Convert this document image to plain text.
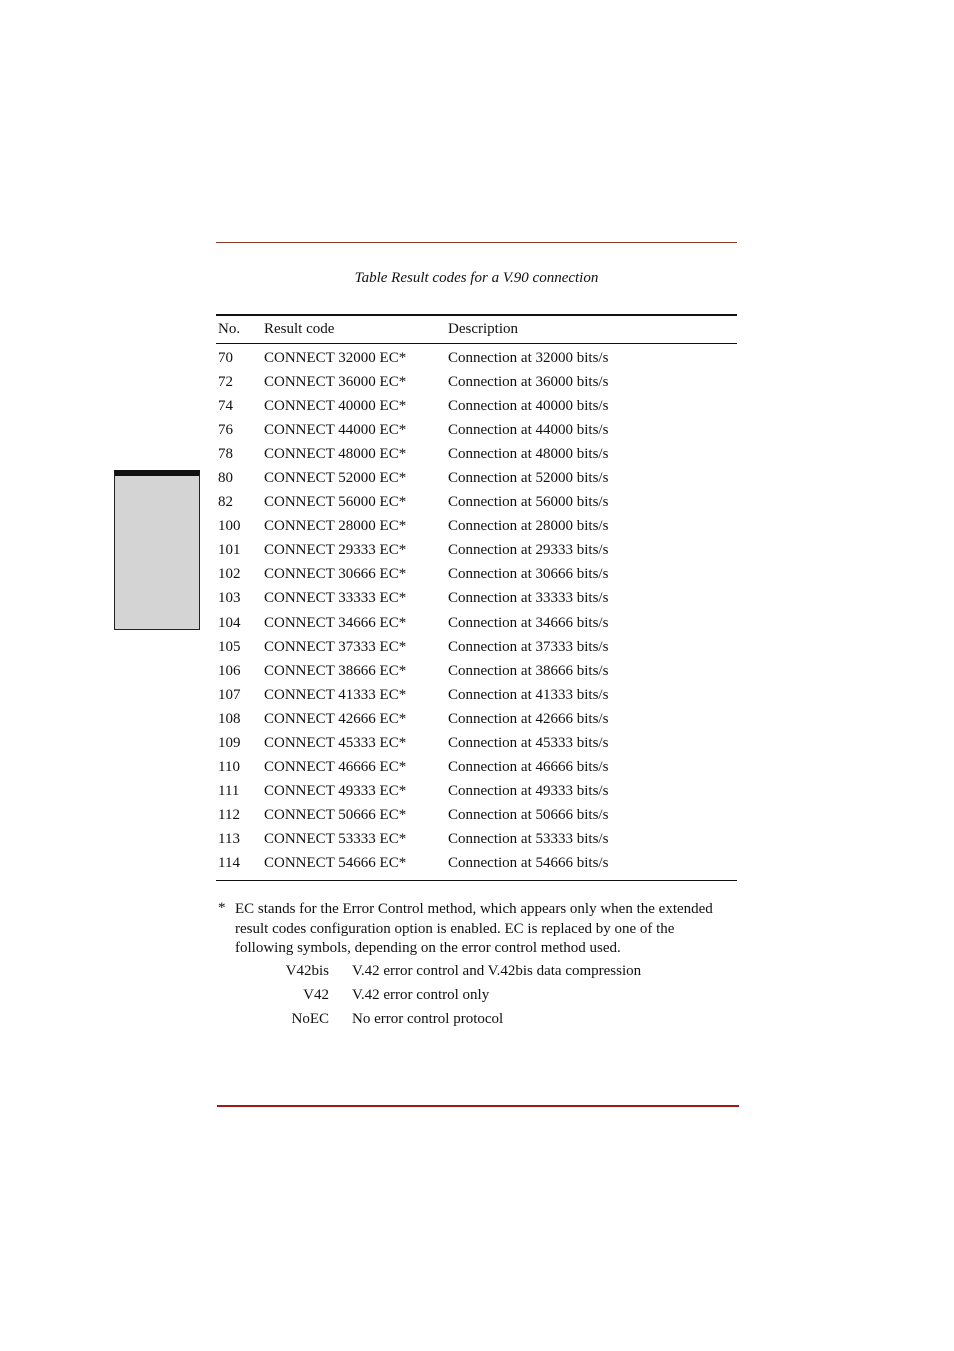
Table Result codes for a V.90 connection
No. Result code	Description
70 CONNECT 32000 EC*	Connection at 32000 bits/s
72 CONNECT 36000 EC*	Connection at 36000 bits/s
74 CONNECT 40000 EC*	Connection at 40000 bits/s
76 CONNECT 44000 EC*	Connection at 44000 bits/s
78 CONNECT 48000 EC*	Connection at 48000 bits/s
80 CONNECT 52000 EC*	Connection at 52000 bits/s
82 CONNECT 56000 EC*	Connection at 56000 bits/s
100 CONNECT 28000 EC*	Connection at 28000 bits/s
101 CONNECT 29333 EC*	Connection at 29333 bits/s
102 CONNECT 30666 EC*	Connection at 30666 bits/s
103 CONNECT 33333 EC*	Connection at 33333 bits/s
104 CONNECT 34666 EC*	Connection at 34666 bits/s
105 CONNECT 37333 EC*	Connection at 37333 bits/s
106 CONNECT 38666 EC*	Connection at 38666 bits/s
107 CONNECT 41333 EC*	Connection at 41333 bits/s
108 CONNECT 42666 EC*	Connection at 42666 bits/s
109 CONNECT 45333 EC*	Connection at 45333 bits/s
110 CONNECT 46666 EC*	Connection at 46666 bits/s
111 CONNECT 49333 EC*	Connection at 49333 bits/s
112 CONNECT 50666 EC*	Connection at 50666 bits/s
113 CONNECT 53333 EC*	Connection at 53333 bits/s
114 CONNECT 54666 EC*	Connection at 54666 bits/s
* EC stands for the Error Control method, which appears only when the extended result codes configuration option is enabled. EC is replaced by one of the following symbols, depending on the error control method used.
V42bis V.42 error control and V.42bis data compression
V42 V.42 error control only
NoEC No error control protocol
